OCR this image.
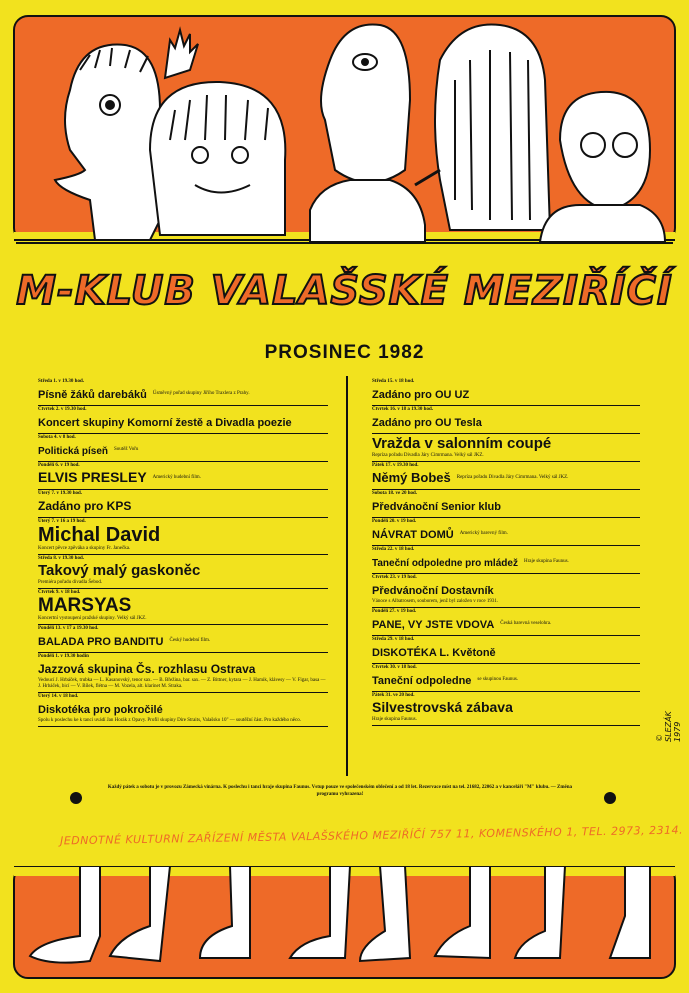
M-KLUB VALAŠSKÉ MEZIŘÍČÍ
PROSINEC 1982
Středa 1. v 19.30 hod.
Písně žáků darebáků Úsměvný pořad skupiny Jiřího Traxlera z Prahy.
Čtvrtek 2. v 19.30 hod.
Koncert skupiny Komorní žestě a Divadla poezie
Sobota 4. v 8 hod.
Politická píseň Soutěž Vořu
Pondělí 6. v 19 hod.
ELVIS PRESLEY Americký hudební film.
Úterý 7. v 19.30 hod.
Zadáno pro KPS
Úterý 7. v 16 a 19 hod.
Michal David
Koncert pěvce zpěváka a skupiny Fr. Janečka.
Středa 8. v 19.30 hod.
Takový malý gaskoněc
Premiéra pořadu divadla Šebod.
Čtvrtek 9. v 18 hod.
MARSYAS
Koncertní vystoupení pražské skupiny. Velký sál JKZ.
Pondělí 13. v 17 a 19.30 hod.
BALADA PRO BANDITU Český hudební film.
Pondělí 1. v 19.30 hodin
Jazzová skupina Čs. rozhlasu Ostrava
Vedoucí J. Hrbáček, trubka — L. Kasanovský, tenor sax. — B. Břežina, bar. sax. — Z. Bittner, kytara — J. Hamik, klávesy — V. Figar, basa — J. Hrbáček, bicí — V. Bílek, flétna — M. Vozela, alt. klarinet M. Straka.
Úterý 14. v 18 hod.
Diskotéka pro pokročilé
Spolu k poslechu ke k tanci uvádí Jan Horák z Opavy. Profil skupiny Dire Straits, Valašsko 10" — soutěžní část. Pro každého něco.
Středa 15. v 18 hod.
Zadáno pro OU UZ
Čtvrtek 16. v 18 a 19.30 hod.
Zadáno pro OU Tesla
Vražda v salonním coupé
Repríza pořadu Divadla Járy Cimrmana. Velký sál JKZ.
Pátek 17. v 19.30 hod.
Němý Bobeš Repríza pořadu Divadla Járy Cimrmana. Velký sál JKZ.
Sobota 18. ve 20 hod.
Předvánoční Senior klub
Pondělí 20. v 19 hod.
NÁVRAT DOMŮ Americký barevný film.
Středa 22. v 18 hod.
Taneční odpoledne pro mládež Hraje skupina Faunus.
Čtvrtek 23. v 19 hod.
Předvánoční Dostavník
Vánoce s Albatrosem, souborem, jenž byl založen v roce 1931.
Pondělí 27. v 19 hod.
PANE, VY JSTE VDOVA Česká barevná veselohra.
Středa 29. v 18 hod.
DISKOTÉKA L. Květoně
Čtvrtek 30. v 18 hod.
Taneční odpoledne se skupinou Faunus.
Pátek 31. ve 20 hod.
Silvestrovská zábava
Hraje skupina Faunus.
Každý pátek a sobotu je v provozu Zámecká vinárna. K poslechu i tanci hraje skupina Faunus. Vstup pouze ve společenském oblečení a od 18 let. Rezervace míst na tel. 21682, 22062 a v kanceláři "M" klubu. — Změna programu vyhrazena!
JEDNOTNÉ KULTURNÍ ZAŘÍZENÍ MĚSTA VALAŠSKÉHO MEZIŘÍČÍ 757 11, KOMENSKÉHO 1, TEL. 2973, 2314.
© SLEZÁK 1979
